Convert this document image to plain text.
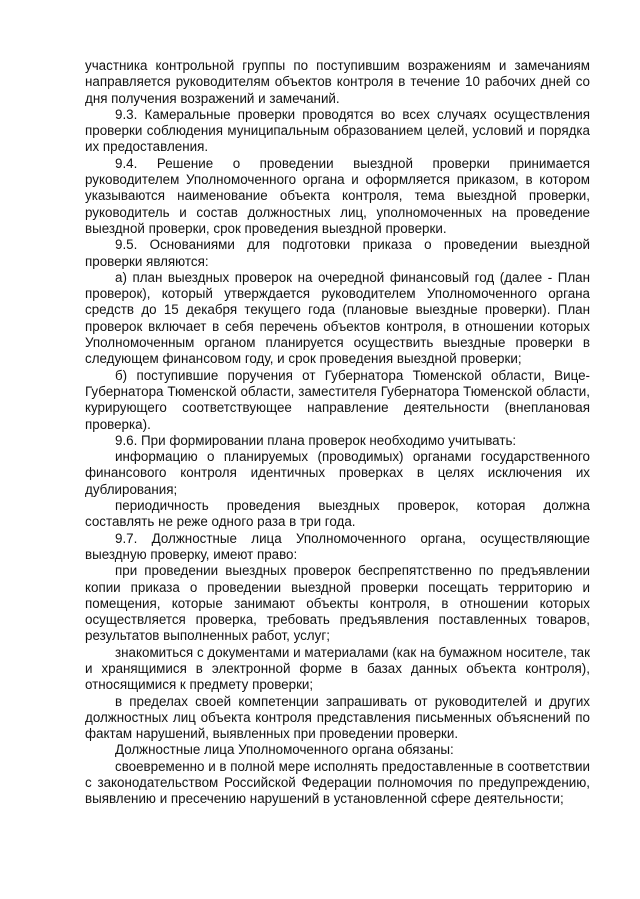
участника контрольной группы по поступившим возражениям и замечаниям направляется руководителям объектов контроля в течение 10 рабочих дней со дня получения возражений и замечаний.

9.3. Камеральные проверки проводятся во всех случаях осуществления проверки соблюдения муниципальным образованием целей, условий и порядка их предоставления.

9.4. Решение о проведении выездной проверки принимается руководителем Уполномоченного органа и оформляется приказом, в котором указываются наименование объекта контроля, тема выездной проверки, руководитель и состав должностных лиц, уполномоченных на проведение выездной проверки, срок проведения выездной проверки.

9.5. Основаниями для подготовки приказа о проведении выездной проверки являются:

а) план выездных проверок на очередной финансовый год (далее - План проверок), который утверждается руководителем Уполномоченного органа средств до 15 декабря текущего года (плановые выездные проверки). План проверок включает в себя перечень объектов контроля, в отношении которых Уполномоченным органом планируется осуществить выездные проверки в следующем финансовом году, и срок проведения выездной проверки;

б) поступившие поручения от Губернатора Тюменской области, Вице-Губернатора Тюменской области, заместителя Губернатора Тюменской области, курирующего соответствующее направление деятельности (внеплановая проверка).

9.6. При формировании плана проверок необходимо учитывать:

информацию о планируемых (проводимых) органами государственного финансового контроля идентичных проверках в целях исключения их дублирования;

периодичность проведения выездных проверок, которая должна составлять не реже одного раза в три года.

9.7. Должностные лица Уполномоченного органа, осуществляющие выездную проверку, имеют право:

при проведении выездных проверок беспрепятственно по предъявлении копии приказа о проведении выездной проверки посещать территорию и помещения, которые занимают объекты контроля, в отношении которых осуществляется проверка, требовать предъявления поставленных товаров, результатов выполненных работ, услуг;

знакомиться с документами и материалами (как на бумажном носителе, так и хранящимися в электронной форме в базах данных объекта контроля), относящимися к предмету проверки;

в пределах своей компетенции запрашивать от руководителей и других должностных лиц объекта контроля представления письменных объяснений по фактам нарушений, выявленных при проведении проверки.

Должностные лица Уполномоченного органа обязаны:

своевременно и в полной мере исполнять предоставленные в соответствии с законодательством Российской Федерации полномочия по предупреждению, выявлению и пресечению нарушений в установленной сфере деятельности;
